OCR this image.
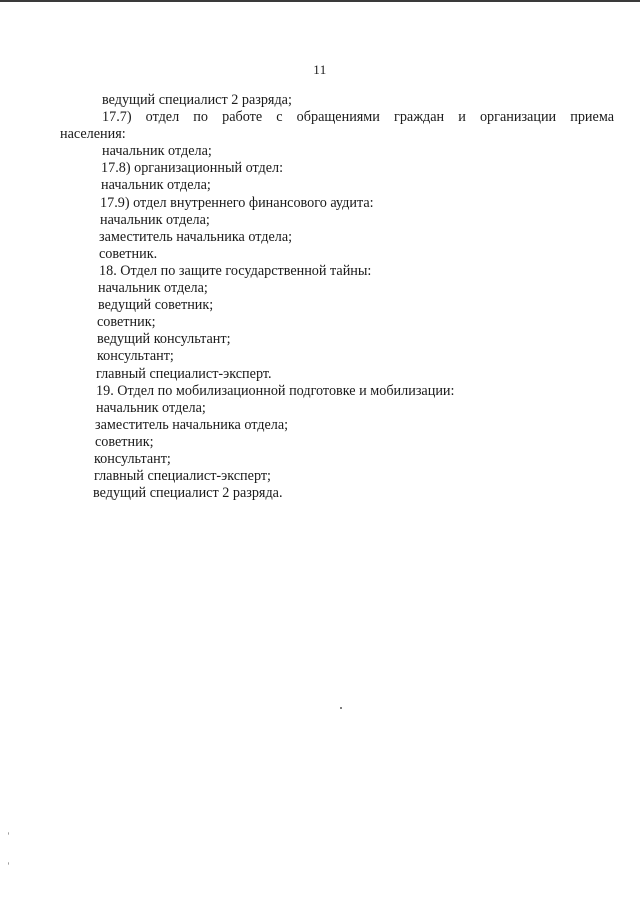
11
ведущий специалист 2 разряда;
17.7) отдел по работе с обращениями граждан и организации приема
населения:
начальник отдела;
17.8) организационный отдел:
начальник отдела;
17.9) отдел внутреннего финансового аудита:
начальник отдела;
заместитель начальника отдела;
советник.
18. Отдел по защите государственной тайны:
начальник отдела;
ведущий советник;
советник;
ведущий консультант;
консультант;
главный специалист-эксперт.
19. Отдел по мобилизационной подготовке и мобилизации:
начальник отдела;
заместитель начальника отдела;
советник;
консультант;
главный специалист-эксперт;
ведущий специалист 2 разряда.
